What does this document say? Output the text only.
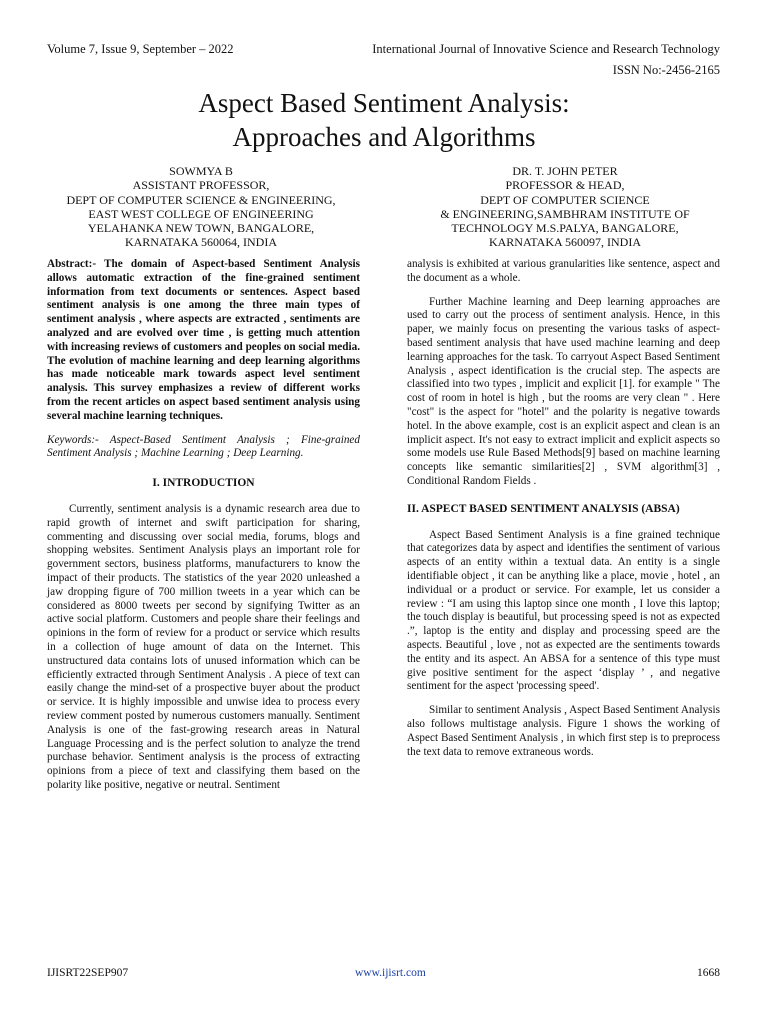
Volume 7, Issue 9, September – 2022	International Journal of Innovative Science and Research Technology
ISSN No:-2456-2165
Aspect Based Sentiment Analysis:
Approaches and Algorithms
SOWMYA B
ASSISTANT PROFESSOR,
DEPT OF COMPUTER SCIENCE & ENGINEERING,
EAST WEST COLLEGE OF ENGINEERING
YELAHANKA NEW TOWN, BANGALORE,
KARNATAKA 560064, INDIA
DR. T. JOHN PETER
PROFESSOR & HEAD,
DEPT OF COMPUTER SCIENCE
& ENGINEERING,SAMBHRAM INSTITUTE OF
TECHNOLOGY M.S.PALYA, BANGALORE,
KARNATAKA 560097, INDIA

Abstract:- The domain of Aspect-based Sentiment Analysis allows automatic extraction of the fine-grained sentiment information from text documents or sentences. Aspect based sentiment analysis is one among the three main types of sentiment analysis , where aspects are extracted , sentiments are analyzed and are evolved over time , is getting much attention with increasing reviews of customers and peoples on social media. The evolution of machine learning and deep learning algorithms has made noticeable mark towards aspect level sentiment analysis. This survey emphasizes a review of different works from the recent articles on aspect based sentiment analysis using several machine learning techniques.

Keywords:- Aspect-Based Sentiment Analysis ; Fine-grained Sentiment Analysis ; Machine Learning ; Deep Learning.

I. INTRODUCTION

Currently, sentiment analysis is a dynamic research area due to rapid growth of internet and swift participation for sharing, commenting and discussing over social media, forums, blogs and shopping websites. Sentiment Analysis plays an important role for government sectors, business platforms, manufacturers to know the impact of their products. The statistics of the year 2020 unleashed a jaw dropping figure of 700 million tweets in a year which can be considered as 8000 tweets per second by signifying Twitter as an active social platform. Customers and people share their feelings and opinions in the form of review for a product or service which results in a collection of huge amount of data on the Internet. This unstructured data contains lots of unused information which can be efficiently extracted through Sentiment Analysis . A piece of text can easily change the mind-set of a prospective buyer about the product or service. It is highly impossible and unwise idea to process every review comment posted by numerous customers manually. Sentiment Analysis is one of the fast-growing research areas in Natural Language Processing and is the perfect solution to analyze the trend purchase behavior. Sentiment analysis is the process of extracting opinions from a piece of text and classifying them based on the polarity like positive, negative or neutral. Sentiment

analysis is exhibited at various granularities like sentence, aspect and the document as a whole.

Further Machine learning and Deep learning approaches are used to carry out the process of sentiment analysis. Hence, in this paper, we mainly focus on presenting the various tasks of aspect-based sentiment analysis that have used machine learning and deep learning approaches for the task. To carryout Aspect Based Sentiment Analysis , aspect identification is the crucial step. The aspects are classified into two types , implicit and explicit [1]. for example " The cost of room in hotel is high , but the rooms are very clean " . Here "cost" is the aspect for "hotel" and the polarity is negative towards hotel. In the above example, cost is an explicit aspect and clean is an implicit aspect. It's not easy to extract implicit and explicit aspects so some models use Rule Based Methods[9] based on machine learning concepts like semantic similarities[2] , SVM algorithm[3] , Conditional Random Fields .

II. ASPECT BASED SENTIMENT ANALYSIS (ABSA)

Aspect Based Sentiment Analysis is a fine grained technique that categorizes data by aspect and identifies the sentiment of various aspects of an entity within a textual data. An entity is a single identifiable object , it can be anything like a place, movie , hotel , an individual or a product or service. For example, let us consider a review : “I am using this laptop since one month , I love this laptop; the touch display is beautiful, but processing speed is not as expected .”, laptop is the entity and display and processing speed are the aspects. Beautiful , love , not as expected are the sentiments towards the entity and its aspect. An ABSA for a sentence of this type must give positive sentiment for the aspect ‘display ’ , and negative sentiment for the aspect 'processing speed'.

Similar to sentiment Analysis , Aspect Based Sentiment Analysis also follows multistage analysis. Figure 1 shows the working of Aspect Based Sentiment Analysis , in which first step is to preprocess the text data to remove extraneous words.

IJISRT22SEP907	www.ijisrt.com	1668
